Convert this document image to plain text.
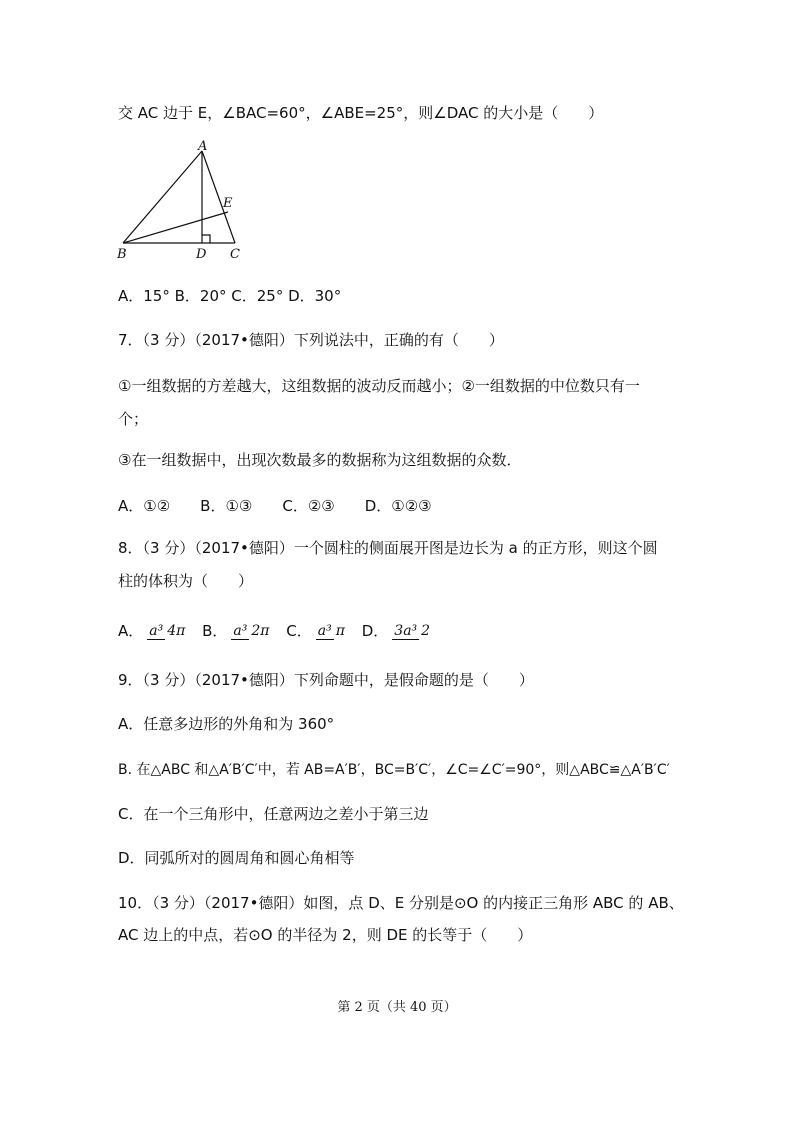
交 AC 边于 E，∠BAC=60°，∠ABE=25°，则∠DAC 的大小是（　　）
A
B	C
D
E
A．15° B．20° C．25° D．30°
7．（3 分）（2017•德阳）下列说法中，正确的有（　　）
①一组数据的方差越大，这组数据的波动反而越小；②一组数据的中位数只有一
个；
③在一组数据中，出现次数最多的数据称为这组数据的众数．
A．①②　　B．①③　　C．②③　　D．①②③
8．（3 分）（2017•德阳）一个圆柱的侧面展开图是边长为 a 的正方形，则这个圆
柱的体积为（　　）
A． a³ 4π B． a³ 2π C． a³ π D． 3a³ 2
9．（3 分）（2017•德阳）下列命题中，是假命题的是（　　）
A．任意多边形的外角和为 360°
B. 在△ABC 和△A′B′C′中，若 AB=A′B′，BC=B′C′，∠C=∠C′=90°，则△ABC≌△A′B′C′
C．在一个三角形中，任意两边之差小于第三边
D．同弧所对的圆周角和圆心角相等
10．（3 分）（2017•德阳）如图，点 D、E 分别是⊙O 的内接正三角形 ABC 的 AB、
AC 边上的中点，若⊙O 的半径为 2，则 DE 的长等于（　　）
第 2 页（共 40 页）
